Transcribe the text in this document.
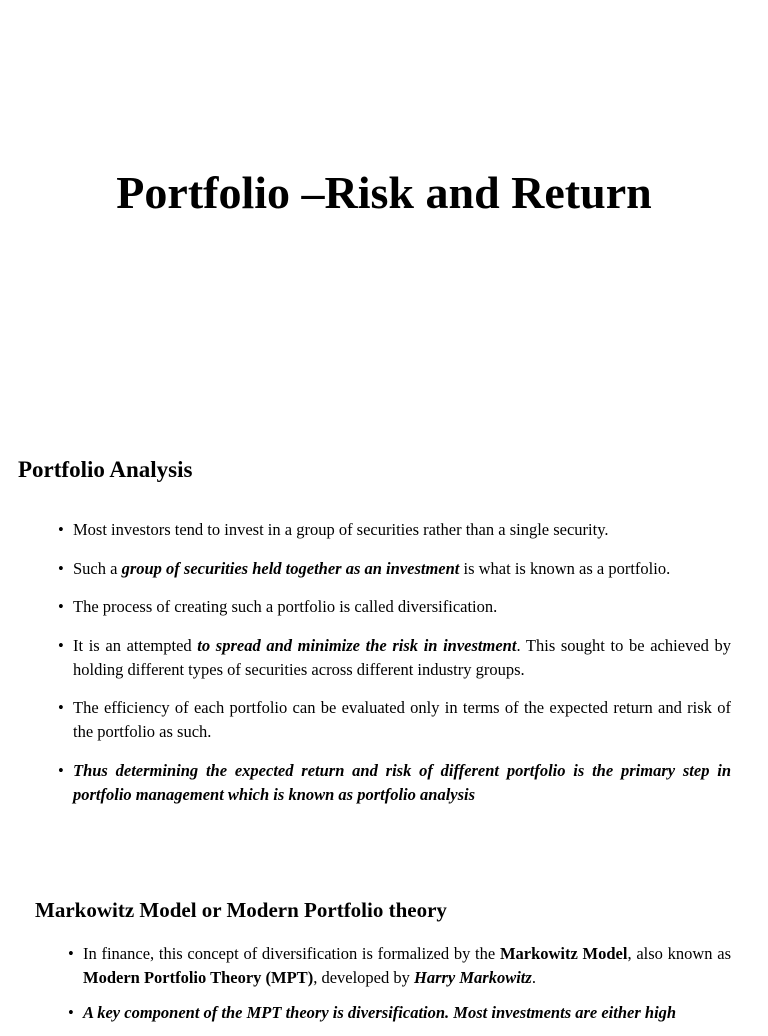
Portfolio –Risk and Return
Portfolio Analysis
• Most investors tend to invest in a group of securities rather than a single security.
• Such a group of securities held together as an investment is what is known as a portfolio.
• The process of creating such a portfolio is called diversification.
• It is an attempted to spread and minimize the risk in investment. This sought to be achieved by holding different types of securities across different industry groups.
• The efficiency of each portfolio can be evaluated only in terms of the expected return and risk of the portfolio as such.
• Thus determining the expected return and risk of different portfolio is the primary step in portfolio management which is known as portfolio analysis
Markowitz Model or Modern Portfolio theory
• In finance, this concept of diversification is formalized by the Markowitz Model, also known as Modern Portfolio Theory (MPT), developed by Harry Markowitz.
• A key component of the MPT theory is diversification. Most investments are either high
